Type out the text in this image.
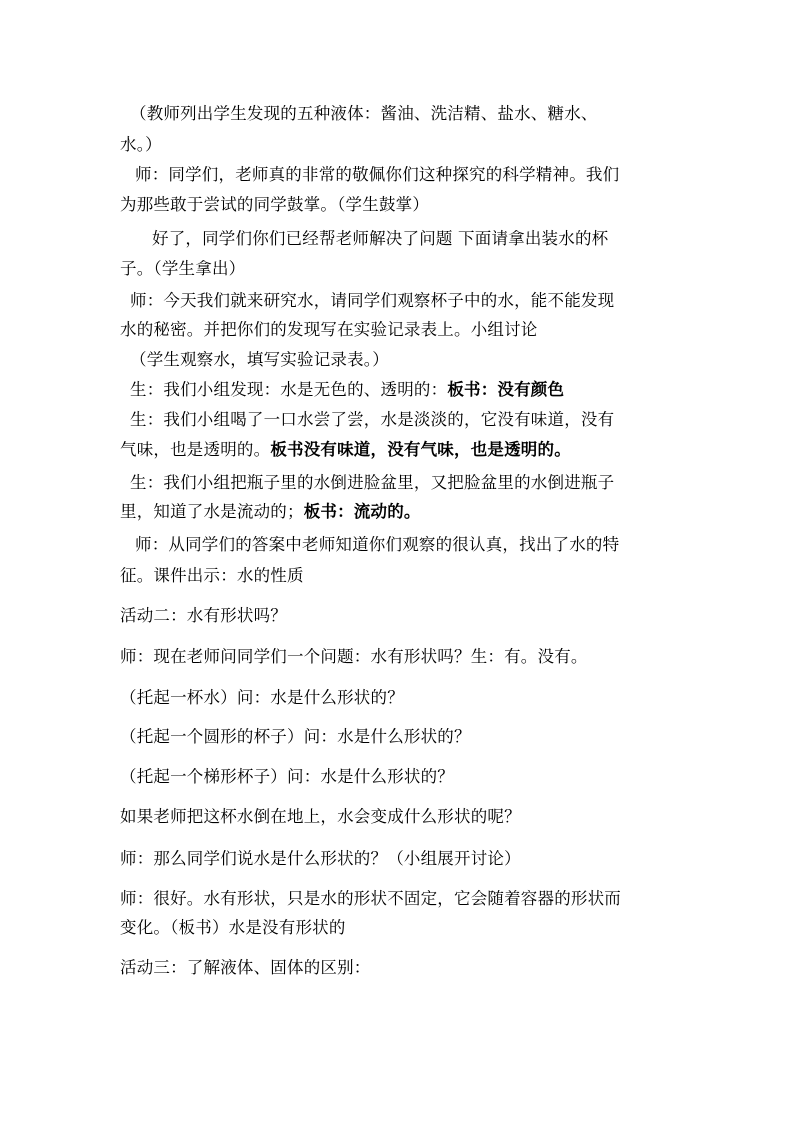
（教师列出学生发现的五种液体：酱油、洗洁精、盐水、糖水、
水。）
师：同学们，老师真的非常的敬佩你们这种探究的科学精神。我们
为那些敢于尝试的同学鼓掌。（学生鼓掌）
好了，同学们你们已经帮老师解决了问题 下面请拿出装水的杯
子。（学生拿出）
师：今天我们就来研究水，请同学们观察杯子中的水，能不能发现
水的秘密。并把你们的发现写在实验记录表上。小组讨论
（学生观察水，填写实验记录表。）
生：我们小组发现：水是无色的、透明的：板书：没有颜色
生：我们小组喝了一口水尝了尝，水是淡淡的，它没有味道，没有
气味，也是透明的。板书没有味道，没有气味，也是透明的。
生：我们小组把瓶子里的水倒进脸盆里，又把脸盆里的水倒进瓶子
里，知道了水是流动的；板书：流动的。
师：从同学们的答案中老师知道你们观察的很认真，找出了水的特
征。课件出示：水的性质
活动二：水有形状吗？
师：现在老师问同学们一个问题：水有形状吗？生：有。没有。
（托起一杯水）问：水是什么形状的？
（托起一个圆形的杯子）问：水是什么形状的？
（托起一个梯形杯子）问：水是什么形状的？
如果老师把这杯水倒在地上，水会变成什么形状的呢？
师：那么同学们说水是什么形状的？（小组展开讨论）
师：很好。水有形状，只是水的形状不固定，它会随着容器的形状而
变化。（板书）水是没有形状的
活动三：了解液体、固体的区别：
